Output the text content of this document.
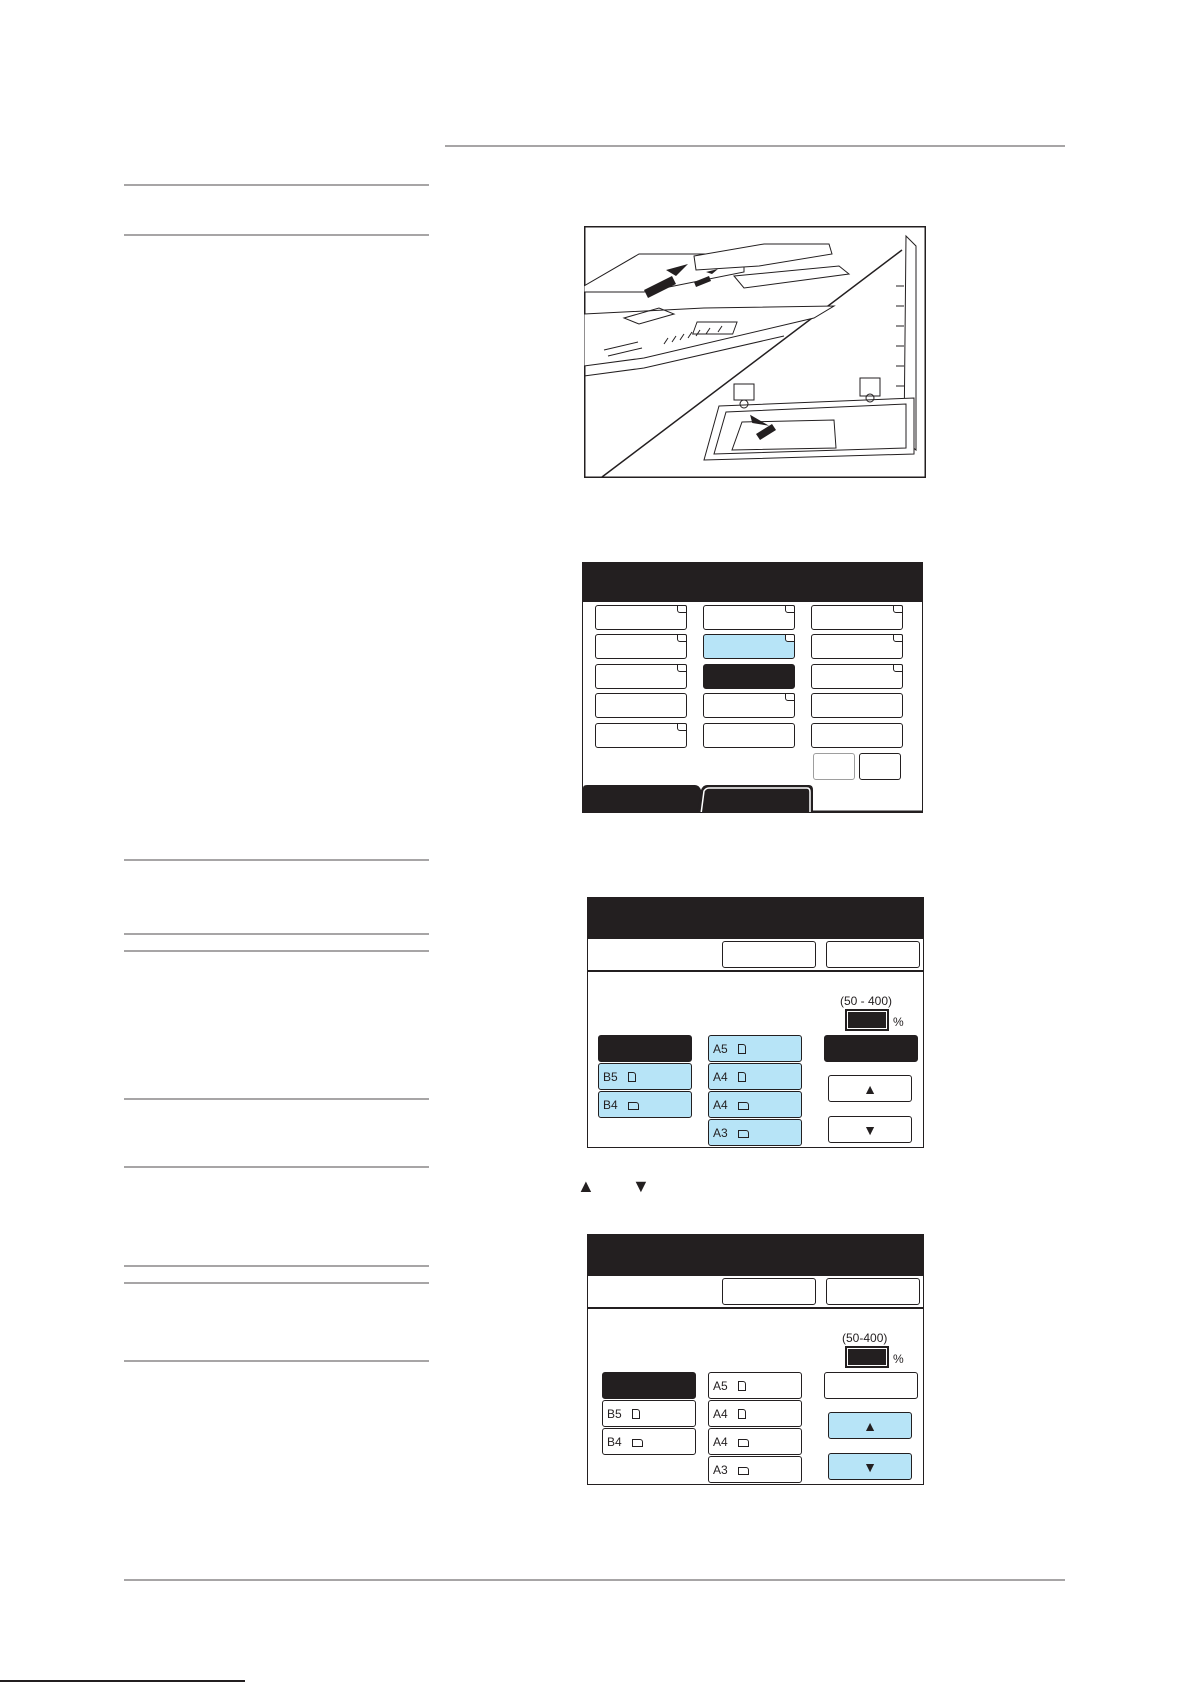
(50 - 400)
%
B5
B4
A5
A4
A4
A3
▲
▼
▲ ▼
(50-400)
%
B5
B4
A5
A4
A4
A3
▲
▼
